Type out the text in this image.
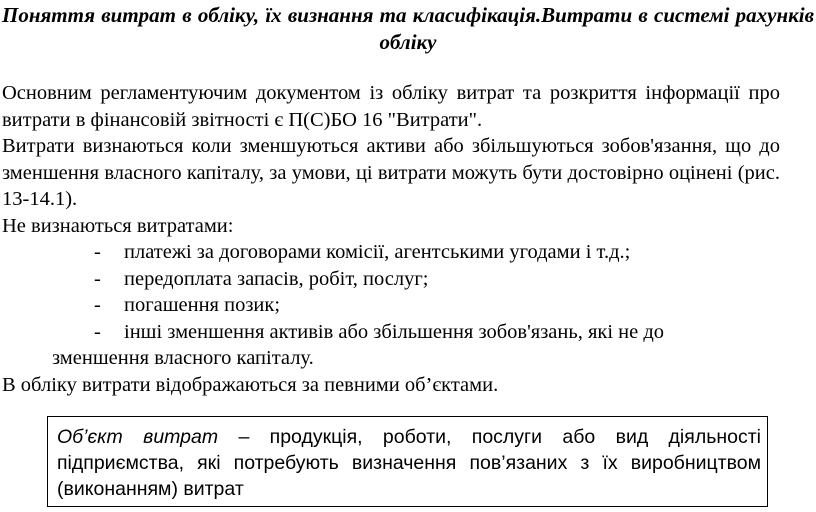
Поняття витрат в обліку, їх визнання та класифікація.Витрати в системі рахунків обліку

Основним регламентуючим документом із обліку витрат та розкриття інформації про витрати в фінансовій звітності є П(С)БО 16 "Витрати".

Витрати визнаються коли зменшуються активи або збільшуються зобов'язання, що до зменшення власного капіталу, за умови, ці витрати можуть бути достовірно оцінені (рис. 13-14.1).

Не визнаються витратами:

- платежі за договорами комісії, агентськими угодами і т.д.;
- передоплата запасів, робіт, послуг;
- погашення позик;
- інші зменшення активів або збільшення зобов'язань, які не до
зменшення власного капіталу.

В обліку витрати відображаються за певними об’єктами.

Об’єкт витрат – продукція, роботи, послуги або вид діяльності підприємства, які потребують визначення пов’язаних з їх виробництвом (виконанням) витрат
